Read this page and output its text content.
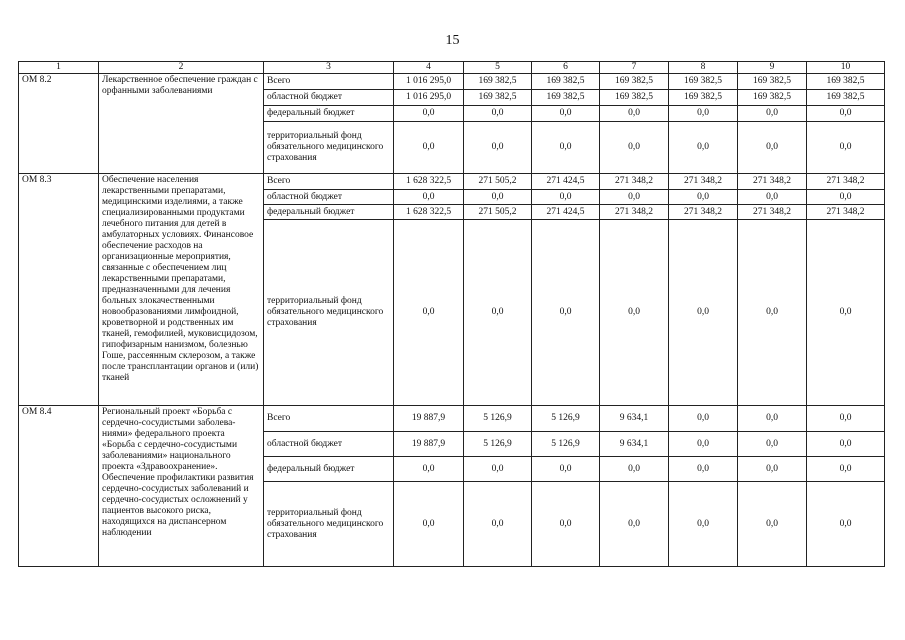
15
1	2	3	4	5	6	7	8	9	10
ОМ 8.2	Лекарственное обеспечение граждан с орфанными заболеваниями	Всего	1 016 295,0	169 382,5	169 382,5	169 382,5	169 382,5	169 382,5	169 382,5
		областной бюджет	1 016 295,0	169 382,5	169 382,5	169 382,5	169 382,5	169 382,5	169 382,5
		федеральный бюджет	0,0	0,0	0,0	0,0	0,0	0,0	0,0
		территориальный фонд обязательного медицинского страхования	0,0	0,0	0,0	0,0	0,0	0,0	0,0
ОМ 8.3	Обеспечение населения лекарственными препаратами, медицинскими изделиями, а также специализированными продуктами лечебного питания для детей в амбулаторных условиях. Финансовое обеспечение расходов на организационные мероприятия, связанные с обеспечением лиц лекарственными препаратами, предназначенными для лечения больных злокачественными новообразованиями лимфоидной, кроветворной и родственных им тканей, гемофилией, муковисцидозом, гипофизарным нанизмом, болезнью Гоше, рассеянным склерозом, а также после трансплантации органов и (или) тканей	Всего	1 628 322,5	271 505,2	271 424,5	271 348,2	271 348,2	271 348,2	271 348,2
		областной бюджет	0,0	0,0	0,0	0,0	0,0	0,0	0,0
		федеральный бюджет	1 628 322,5	271 505,2	271 424,5	271 348,2	271 348,2	271 348,2	271 348,2
		территориальный фонд обязательного медицинского страхования	0,0	0,0	0,0	0,0	0,0	0,0	0,0
ОМ 8.4	Региональный проект «Борьба с сердечно-сосудистыми заболева-ниями» федерального проекта «Борьба с сердечно-сосудистыми заболеваниями» национального проекта «Здравоохранение». Обеспечение профилактики развития сердечно-сосудистых заболеваний и сердечно-сосудистых осложнений у пациентов высокого риска, находящихся на диспансерном наблюдении	Всего	19 887,9	5 126,9	5 126,9	9 634,1	0,0	0,0	0,0
		областной бюджет	19 887,9	5 126,9	5 126,9	9 634,1	0,0	0,0	0,0
		федеральный бюджет	0,0	0,0	0,0	0,0	0,0	0,0	0,0
		территориальный фонд обязательного медицинского страхования	0,0	0,0	0,0	0,0	0,0	0,0	0,0
